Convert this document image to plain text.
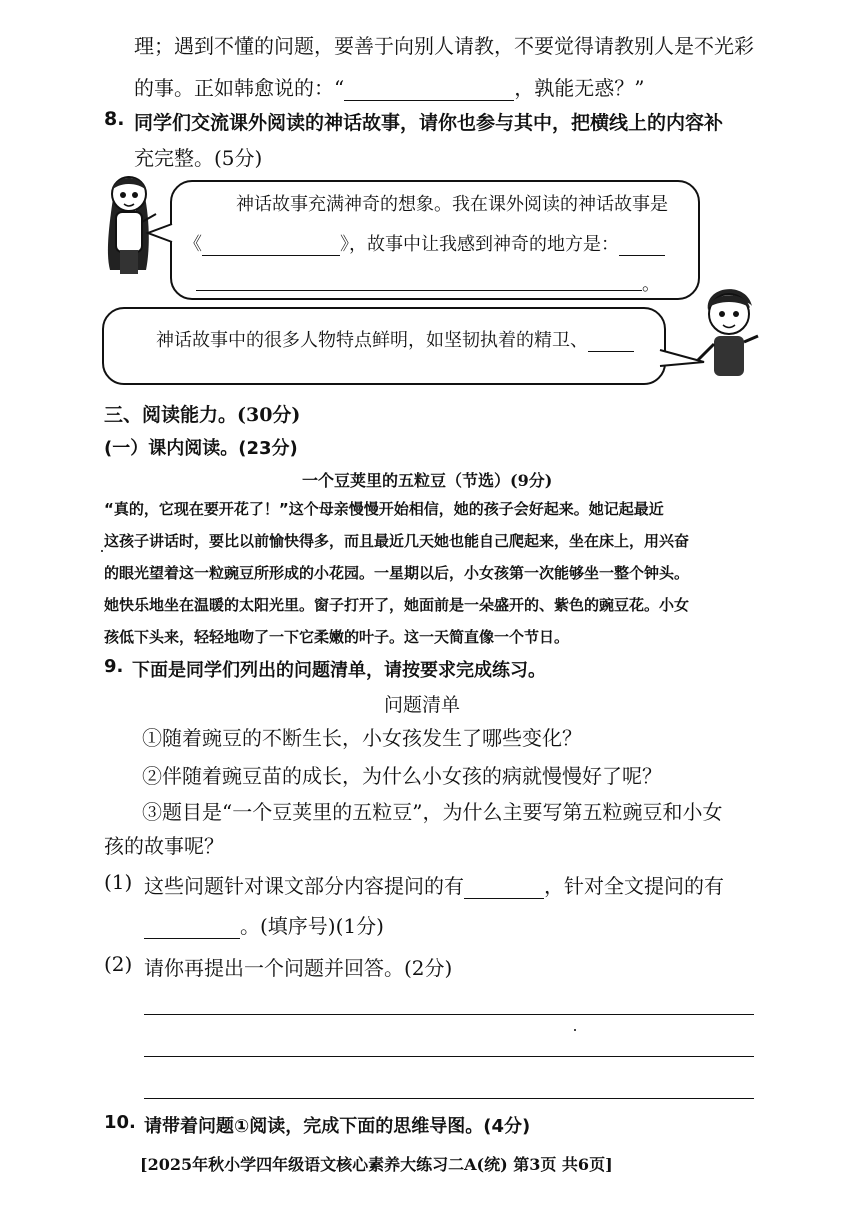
理；遇到不懂的问题，要善于向别人请教，不要觉得请教别人是不光彩
的事。正如韩愈说的：“	，孰能无惑？”
8. 同学们交流课外阅读的神话故事，请你也参与其中，把横线上的内容补
充完整。(5分)
神话故事充满神奇的想象。我在课外阅读的神话故事是
《	》，故事中让我感到神奇的地方是：
。
神话故事中的很多人物特点鲜明，如坚韧执着的精卫、
三、阅读能力。(30分)
(一）课内阅读。(23分)
一个豆荚里的五粒豆（节选）(9分)
“真的，它现在要开花了！”这个母亲慢慢开始相信，她的孩子会好起来。她记起最近
这孩子讲话时，要比以前愉快得多，而且最近几天她也能自己爬起来，坐在床上，用兴奋
的眼光望着这一粒豌豆所形成的小花园。一星期以后，小女孩第一次能够坐一整个钟头。
她快乐地坐在温暖的太阳光里。窗子打开了，她面前是一朵盛开的、紫色的豌豆花。小女
孩低下头来，轻轻地吻了一下它柔嫩的叶子。这一天简直像一个节日。
9. 下面是同学们列出的问题清单，请按要求完成练习。
问题清单
①随着豌豆的不断生长，小女孩发生了哪些变化？
②伴随着豌豆苗的成长，为什么小女孩的病就慢慢好了呢？
③题目是“一个豆荚里的五粒豆”，为什么主要写第五粒豌豆和小女
孩的故事呢？
(1) 这些问题针对课文部分内容提问的有	，针对全文提问的有
。(填序号)(1分)
(2) 请你再提出一个问题并回答。(2分)
10. 请带着问题①阅读，完成下面的思维导图。(4分)
[2025年秋小学四年级语文核心素养大练习二A(统) 第3页 共6页]
